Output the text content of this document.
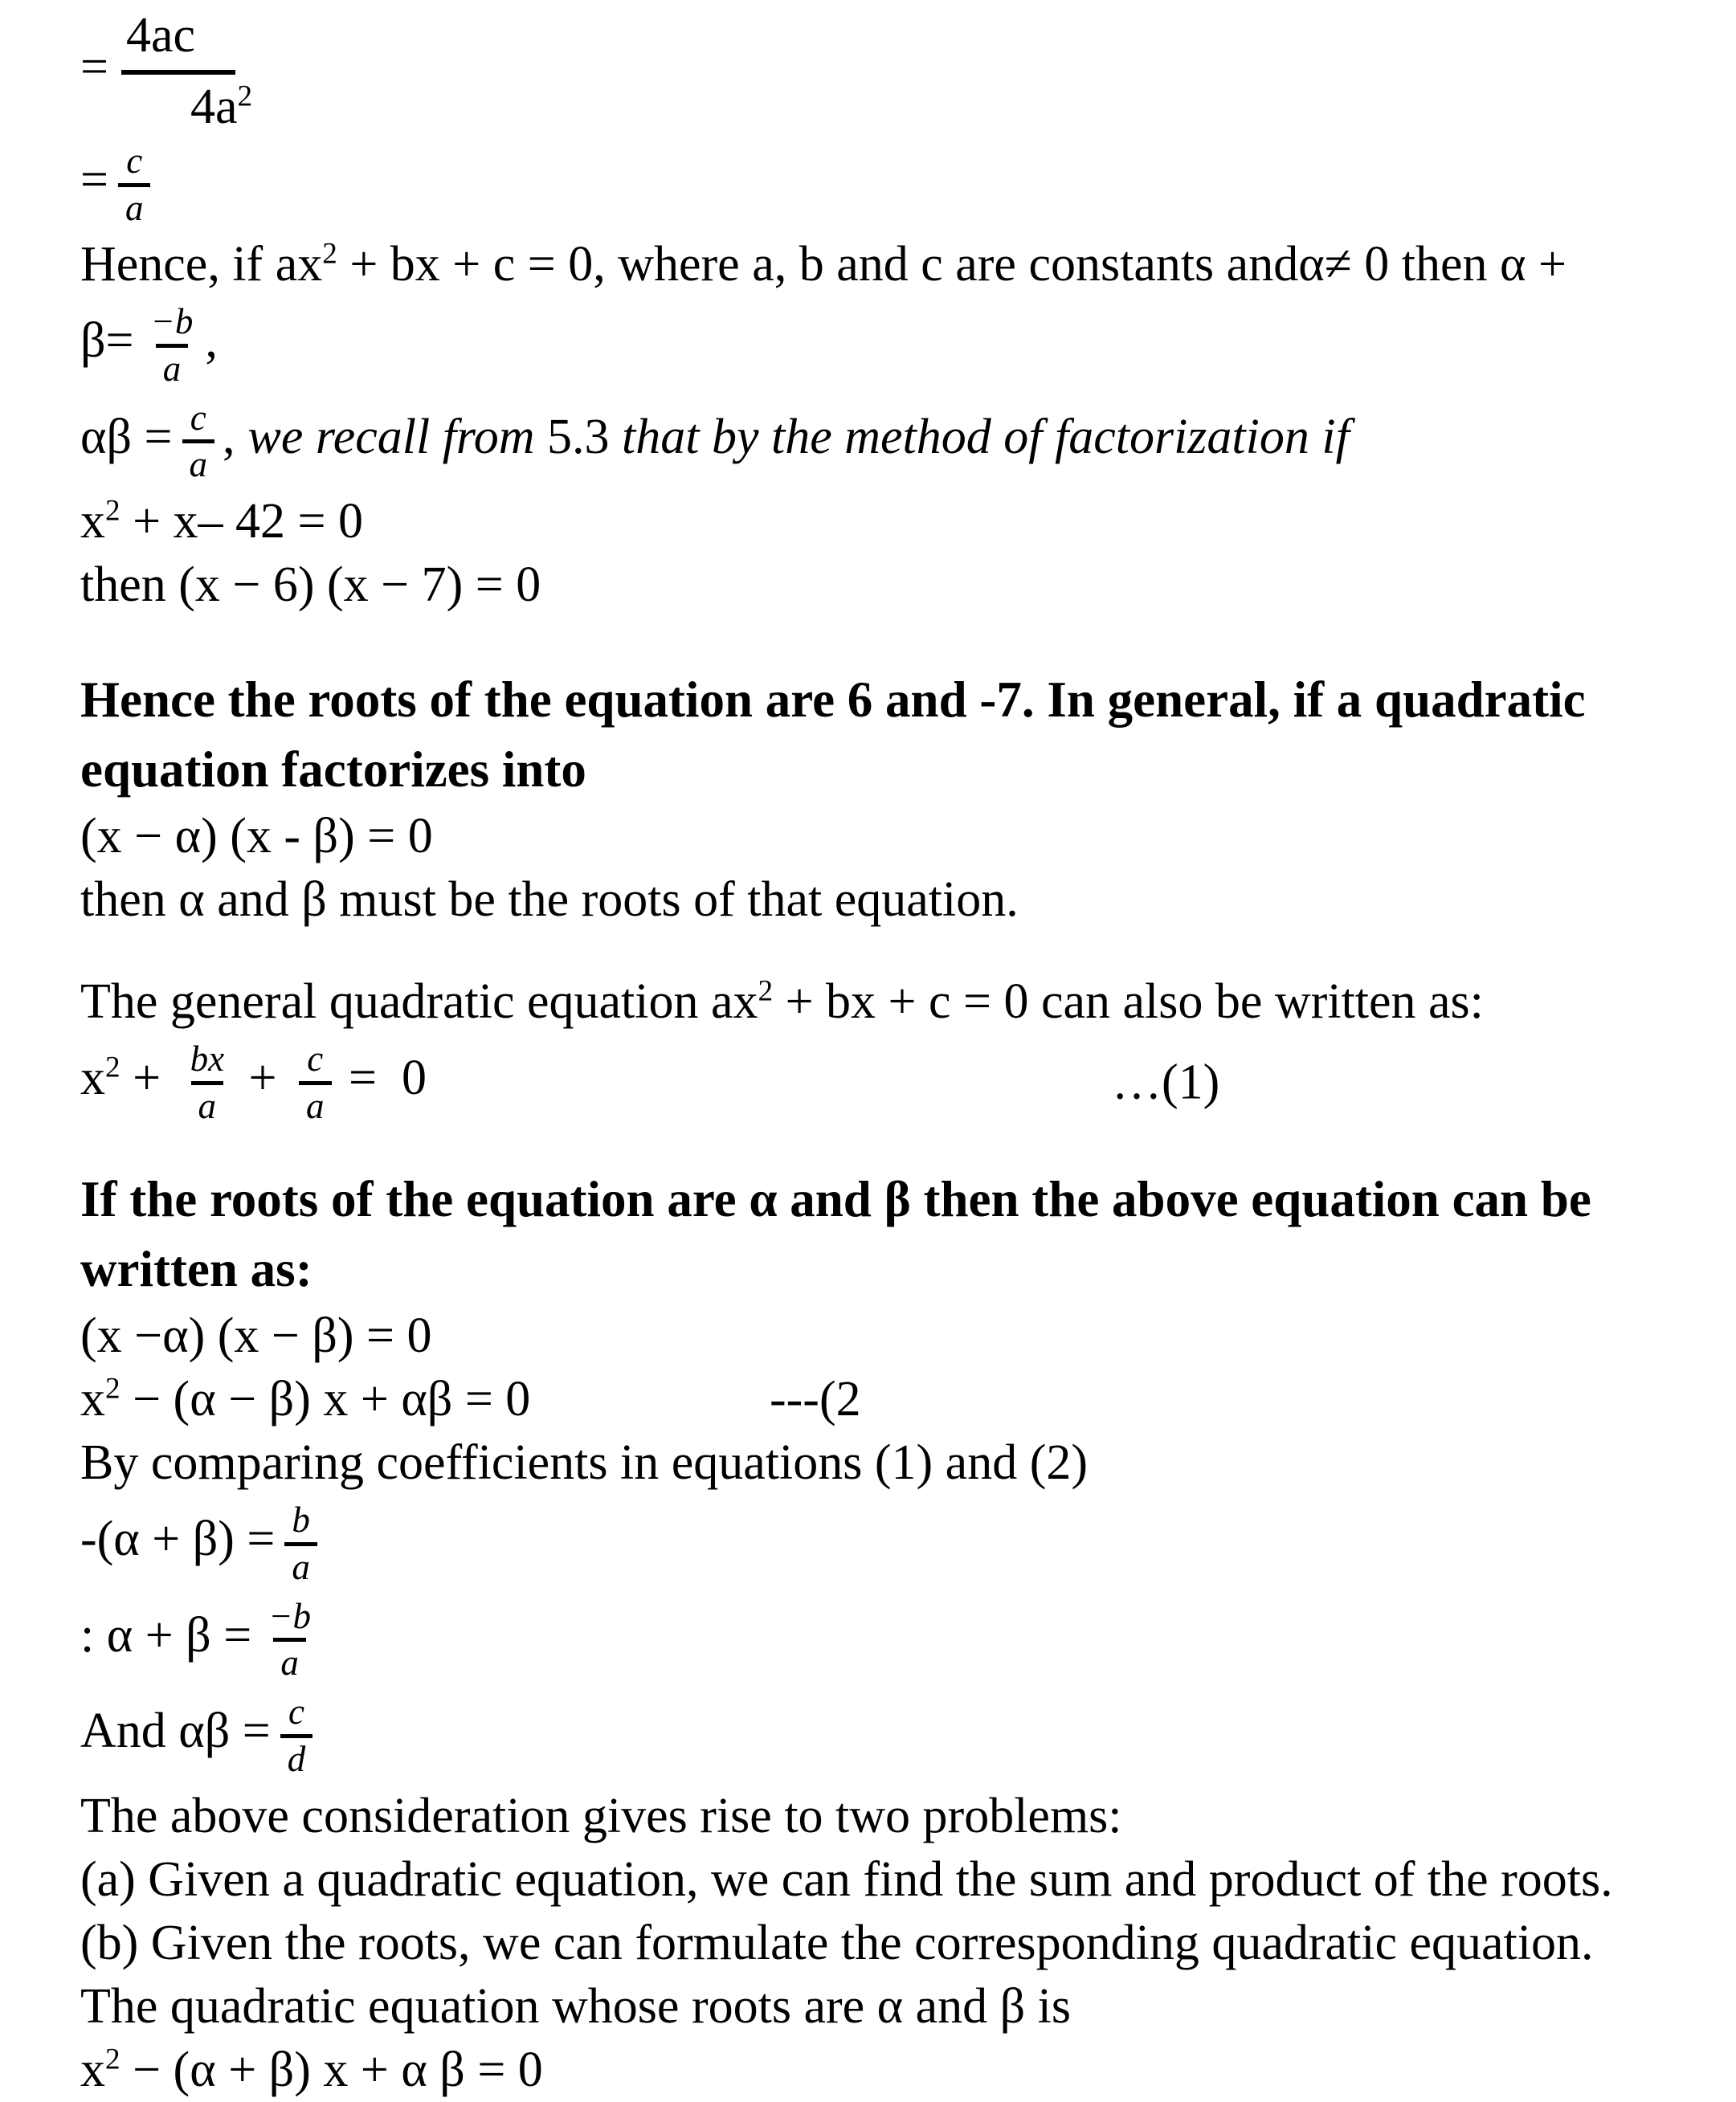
= $\frac{4ac}{4a^2}$
= $\frac{c}{a}$
Hence, if $ax^2$ + bx + c = 0, where a, b and c are constants andα≠ 0 then α +
$\beta= \frac{-b}{a}$ ,
$\alpha\beta = \frac{c}{a}$ , we recall from 5.3 that by the method of factorization if
$x^2 + x-$ 42 = 0
then (x − 6) (x − 7) = 0
Hence the roots of the equation are 6 and -7. In general, if a quadratic
equation factorizes into
(x − α) (x - β) = 0
then α and β must be the roots of that equation.
The general quadratic equation $ax^2$ + bx + c = 0 can also be written as:
$x^2 + \frac{bx}{a} + \frac{c}{a} = 0$	…(1)
If the roots of the equation are α and β then the above equation can be
written as:
(x −α) (x − β) = 0
$x^2 - (\alpha - \beta) x + \alpha\beta = 0$	---(2
By comparing coefficients in equations (1) and (2)
$-(\alpha + \beta) = \frac{b}{a}$
: $\alpha + \beta = \frac{-b}{a}$
And $\alpha\beta = \frac{c}{d}$
The above consideration gives rise to two problems:
(a) Given a quadratic equation, we can find the sum and product of the roots.
(b) Given the roots, we can formulate the corresponding quadratic equation.
The quadratic equation whose roots are α and β is
$x^2 - (\alpha + \beta) x + \alpha$ β = 0
